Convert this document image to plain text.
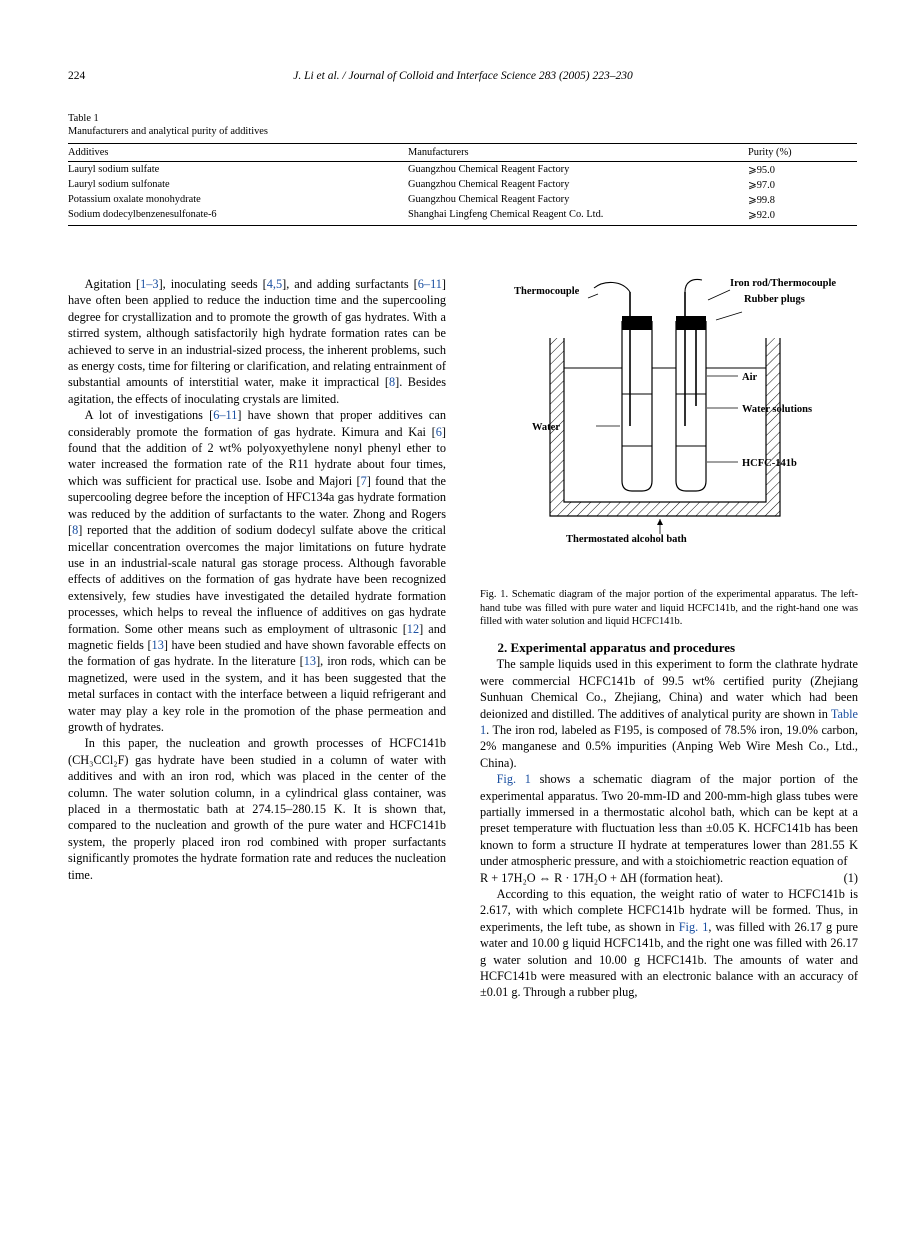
224	J. Li et al. / Journal of Colloid and Interface Science 283 (2005) 223–230
Table 1
Manufacturers and analytical purity of additives
Additives	Manufacturers	Purity (%)
Lauryl sodium sulfate	Guangzhou Chemical Reagent Factory	⩾95.0
Lauryl sodium sulfonate	Guangzhou Chemical Reagent Factory	⩾97.0
Potassium oxalate monohydrate	Guangzhou Chemical Reagent Factory	⩾99.8
Sodium dodecylbenzenesulfonate-6	Shanghai Lingfeng Chemical Reagent Co. Ltd.	⩾92.0

Agitation [1–3], inoculating seeds [4,5], and adding surfactants [6–11] have often been applied to reduce the induction time and the supercooling degree for crystallization and to promote the growth of gas hydrates. With a stirred system, although satisfactorily high hydrate formation rates can be achieved to serve in an industrial-sized process, the inherent problems, such as energy costs, time for filtering or clarification, and relating entrainment of substantial amounts of interstitial water, make it impractical [8]. Besides agitation, the effects of inoculating crystals are limited.

A lot of investigations [6–11] have shown that proper additives can considerably promote the formation of gas hydrate. Kimura and Kai [6] found that the addition of 2 wt% polyoxyethylene nonyl phenyl ether to water increased the formation rate of the R11 hydrate about four times, which was sufficient for practical use. Isobe and Majori [7] found that the supercooling degree before the inception of HFC134a gas hydrate formation was reduced by the addition of surfactants to the water. Zhong and Rogers [8] reported that the addition of sodium dodecyl sulfate above the critical micellar concentration overcomes the major limitations on future hydrate use in an industrial-scale natural gas storage process. Although favorable effects of additives on the formation of gas hydrate have been recognized extensively, few studies have investigated the detailed hydrate formation processes, which helps to reveal the influence of additives on gas hydrate formation. Some other means such as employment of ultrasonic [12] and magnetic fields [13] have been studied and have shown favorable effects on the formation of gas hydrate. In the literature [13], iron rods, which can be magnetized, were used in the system, and it has been suggested that the metal surfaces in contact with the interface between a liquid refrigerant and water may play a key role in the promotion of the phase permeation and growth of hydrates.

In this paper, the nucleation and growth processes of HCFC141b (CH₃CCl₂F) gas hydrate have been studied in a column of water with additives and with an iron rod, which was placed in the center of the column. The water solution column, in a cylindrical glass container, was placed in a thermostatic bath at 274.15–280.15 K. It is shown that, compared to the nucleation and growth of the pure water and HCFC141b system, the properly placed iron rod combined with proper surfactants significantly promotes the hydrate formation rate and reduces the nucleation time.

Thermocouple
Iron rod/Thermocouple
Rubber plugs
Air
Water solutions
HCFC-141b
Water
Thermostated alcohol bath
Fig. 1. Schematic diagram of the major portion of the experimental apparatus. The left-hand tube was filled with pure water and liquid HCFC141b, and the right-hand one was filled with water solution and liquid HCFC141b.

2. Experimental apparatus and procedures

The sample liquids used in this experiment to form the clathrate hydrate were commercial HCFC141b of 99.5 wt% certified purity (Zhejiang Sunhuan Chemical Co., Zhejiang, China) and water which had been deionized and distilled. The additives of analytical purity are shown in Table 1. The iron rod, labeled as F195, is composed of 78.5% iron, 19.0% carbon, 2% manganese and 0.5% impurities (Anping Web Wire Mesh Co., Ltd., China).

Fig. 1 shows a schematic diagram of the major portion of the experimental apparatus. Two 20-mm-ID and 200-mm-high glass tubes were partially immersed in a thermostatic alcohol bath, which can be kept at a preset temperature with fluctuation less than ±0.05 K. HCFC141b has been known to form a structure II hydrate at temperatures lower than 281.55 K under atmospheric pressure, and with a stoichiometric reaction equation of

R + 17H₂O ⇔ R · 17H₂O + ΔH (formation heat).	(1)

According to this equation, the weight ratio of water to HCFC141b is 2.617, with which complete HCFC141b hydrate will be formed. Thus, in experiments, the left tube, as shown in Fig. 1, was filled with 26.17 g pure water and 10.00 g liquid HCFC141b, and the right one was filled with 26.17 g water solution and 10.00 g HCFC141b. The amounts of water and HCFC141b were measured with an electronic balance with an accuracy of ±0.01 g. Through a rubber plug,
